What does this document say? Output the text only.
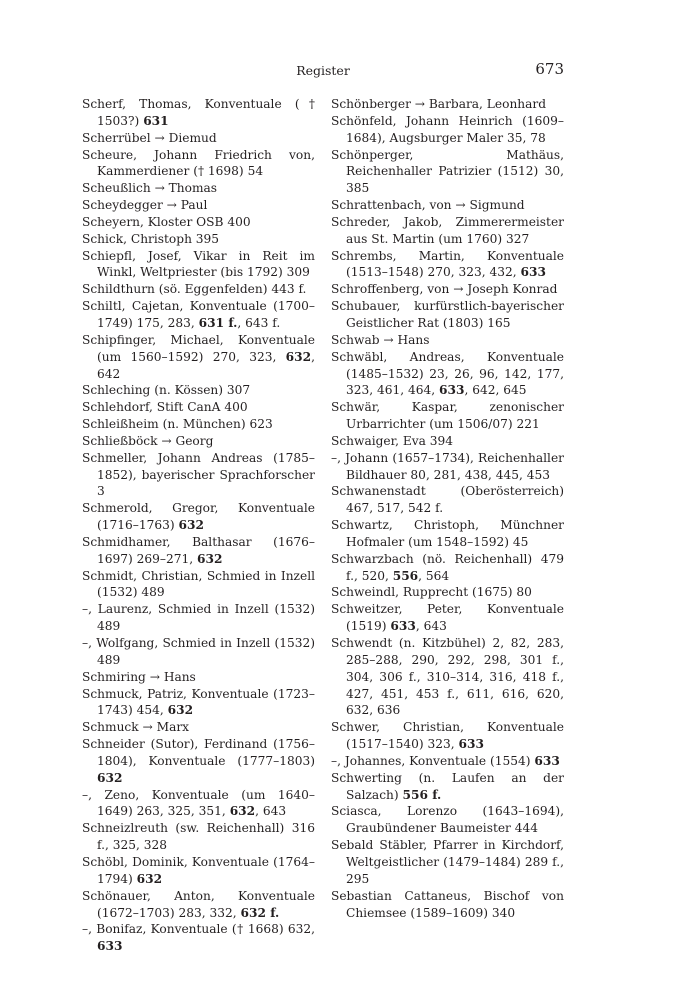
Register	673

Scherf, Thomas, Konventuale († 1503?) 631

Scherrübel → Diemud

Scheure, Johann Friedrich von, Kammerdiener († 1698) 54

Scheußlich → Thomas

Scheydegger → Paul

Scheyern, Kloster OSB 400

Schick, Christoph 395

Schiepfl, Josef, Vikar in Reit im Winkl, Weltpriester (bis 1792) 309

Schildthurn (sö. Eggenfelden) 443 f.

Schiltl, Cajetan, Konventuale (1700–1749) 175, 283, 631 f., 643 f.

Schipfinger, Michael, Konventuale (um 1560–1592) 270, 323, 632, 642

Schleching (n. Kössen) 307

Schlehdorf, Stift CanA 400

Schleißheim (n. München) 623

Schließböck → Georg

Schmeller, Johann Andreas (1785–1852), bayerischer Sprachforscher 3

Schmerold, Gregor, Konventuale (1716–1763) 632

Schmidhamer, Balthasar (1676–1697) 269–271, 632

Schmidt, Christian, Schmied in Inzell (1532) 489

–, Laurenz, Schmied in Inzell (1532) 489

–, Wolfgang, Schmied in Inzell (1532) 489

Schmiring → Hans

Schmuck, Patriz, Konventuale (1723–1743) 454, 632

Schmuck → Marx

Schneider (Sutor), Ferdinand (1756–1804), Konventuale (1777–1803) 632

–, Zeno, Konventuale (um 1640–1649) 263, 325, 351, 632, 643

Schneizlreuth (sw. Reichenhall) 316 f., 325, 328

Schöbl, Dominik, Konventuale (1764–1794) 632

Schönauer, Anton, Konventuale (1672–1703) 283, 332, 632 f.

–, Bonifaz, Konventuale († 1668) 632, 633

Schönberger → Barbara, Leonhard

Schönfeld, Johann Heinrich (1609–1684), Augsburger Maler 35, 78

Schönperger, Mathäus, Reichenhaller Patrizier (1512) 30, 385

Schrattenbach, von → Sigmund

Schreder, Jakob, Zimmerermeister aus St. Martin (um 1760) 327

Schrembs, Martin, Konventuale (1513–1548) 270, 323, 432, 633

Schroffenberg, von → Joseph Konrad

Schubauer, kurfürstlich-bayerischer Geistlicher Rat (1803) 165

Schwab → Hans

Schwäbl, Andreas, Konventuale (1485–1532) 23, 26, 96, 142, 177, 323, 461, 464, 633, 642, 645

Schwär, Kaspar, zenonischer Urbarrichter (um 1506/07) 221

Schwaiger, Eva 394

–, Johann (1657–1734), Reichenhaller Bildhauer 80, 281, 438, 445, 453

Schwanenstadt (Oberösterreich) 467, 517, 542 f.

Schwartz, Christoph, Münchner Hofmaler (um 1548–1592) 45

Schwarzbach (nö. Reichenhall) 479 f., 520, 556, 564

Schweindl, Rupprecht (1675) 80

Schweitzer, Peter, Konventuale (1519) 633, 643

Schwendt (n. Kitzbühel) 2, 82, 283, 285–288, 290, 292, 298, 301 f., 304, 306 f., 310–314, 316, 418 f., 427, 451, 453 f., 611, 616, 620, 632, 636

Schwer, Christian, Konventuale (1517–1540) 323, 633

–, Johannes, Konventuale (1554) 633

Schwerting (n. Laufen an der Salzach) 556 f.

Sciasca, Lorenzo (1643–1694), Graubündener Baumeister 444

Sebald Stäbler, Pfarrer in Kirchdorf, Weltgeistlicher (1479–1484) 289 f., 295

Sebastian Cattaneus, Bischof von Chiemsee (1589–1609) 340
